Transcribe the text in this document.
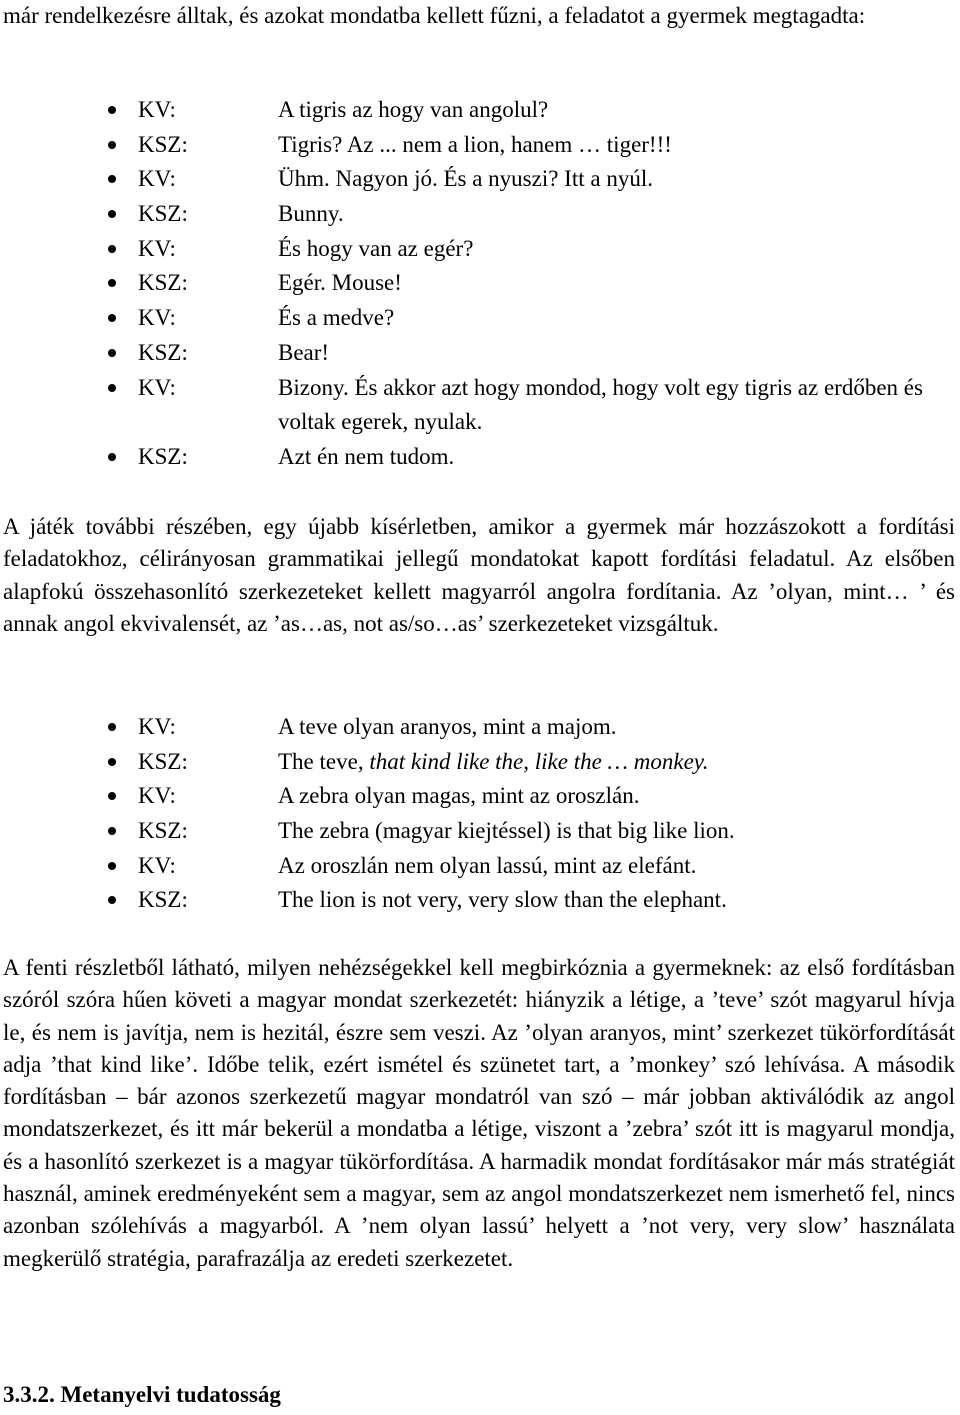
már rendelkezésre álltak, és azokat mondatba kellett fűzni, a feladatot a gyermek megtagadta:

KV:	A tigris az hogy van angolul?
KSZ:	Tigris? Az ... nem a lion, hanem … tiger!!!
KV:	Ühm. Nagyon jó. És a nyuszi? Itt a nyúl.
KSZ:	Bunny.
KV:	És hogy van az egér?
KSZ:	Egér. Mouse!
KV:	És a medve?
KSZ:	Bear!
KV:	Bizony. És akkor azt hogy mondod, hogy volt egy tigris az erdőben és voltak egerek, nyulak.
KSZ:	Azt én nem tudom.

A játék további részében, egy újabb kísérletben, amikor a gyermek már hozzászokott a fordítási feladatokhoz, célirányosan grammatikai jellegű mondatokat kapott fordítási feladatul. Az elsőben alapfokú összehasonlító szerkezeteket kellett magyarról angolra fordítania. Az ’olyan, mint… ’ és annak angol ekvivalensét, az ’as…as, not as/so…as’ szerkezeteket vizsgáltuk.

KV:	A teve olyan aranyos, mint a majom.
KSZ:	The teve, that kind like the, like the … monkey.
KV:	A zebra olyan magas, mint az oroszlán.
KSZ:	The zebra (magyar kiejtéssel) is that big like lion.
KV:	Az oroszlán nem olyan lassú, mint az elefánt.
KSZ:	The lion is not very, very slow than the elephant.

A fenti részletből látható, milyen nehézségekkel kell megbirkóznia a gyermeknek: az első fordításban szóról szóra hűen követi a magyar mondat szerkezetét: hiányzik a létige, a ’teve’ szót magyarul hívja le, és nem is javítja, nem is hezitál, észre sem veszi. Az ’olyan aranyos, mint’ szerkezet tükörfordítását adja ’that kind like’. Időbe telik, ezért ismétel és szünetet tart, a ’monkey’ szó lehívása. A második fordításban – bár azonos szerkezetű magyar mondatról van szó – már jobban aktiválódik az angol mondatszerkezet, és itt már bekerül a mondatba a létige, viszont a ’zebra’ szót itt is magyarul mondja, és a hasonlító szerkezet is a magyar tükörfordítása. A harmadik mondat fordításakor már más stratégiát használ, aminek eredményeként sem a magyar, sem az angol mondatszerkezet nem ismerhető fel, nincs azonban szólehívás a magyarból. A ’nem olyan lassú’ helyett a ’not very, very slow’ használata megkerülő stratégia, parafrazálja az eredeti szerkezetet.

3.3.2. Metanyelvi tudatosság
